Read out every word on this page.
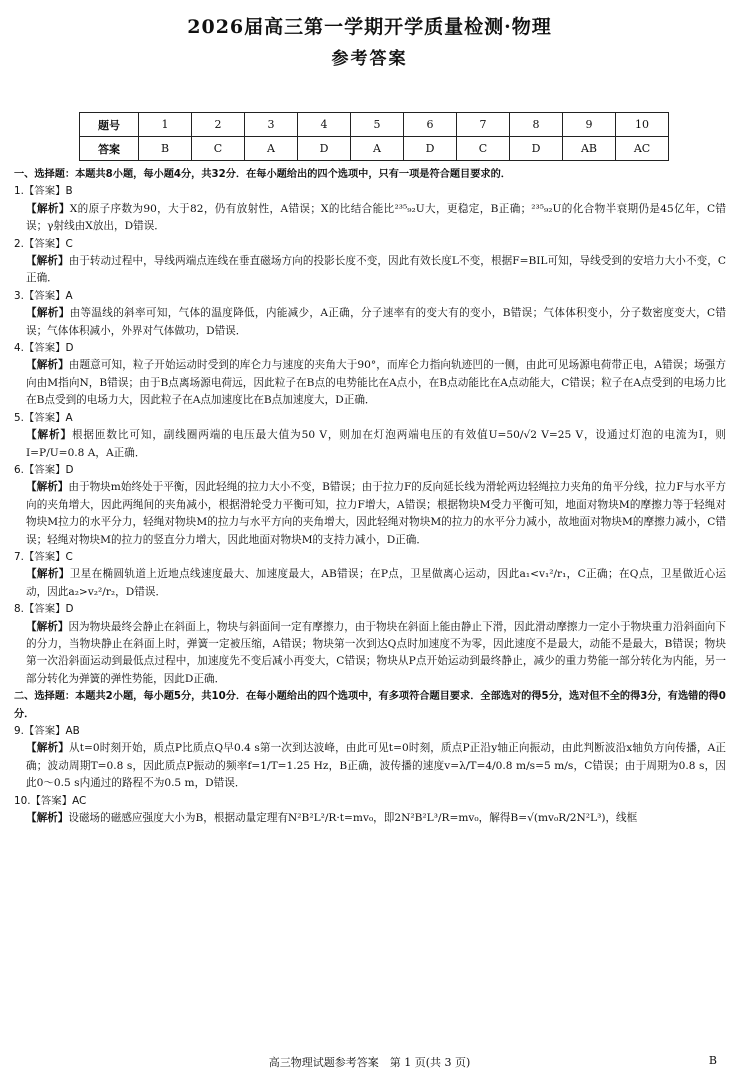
2026届高三第一学期开学质量检测·物理
参考答案
题号	1	2	3	4	5	6	7	8	9	10
答案	B	C	A	D	A	D	C	D	AB	AC
一、选择题：本题共8小题，每小题4分，共32分．在每小题给出的四个选项中，只有一项是符合题目要求的．
1.【答案】B
【解析】X的原子序数为90，大于82，仍有放射性，A错误；X的比结合能比²³⁵₉₂U大，更稳定，B正确；²³⁵₉₂U的化合物半衰期仍是45亿年，C错误；γ射线由X放出，D错误．
2.【答案】C
【解析】由于转动过程中，导线两端点连线在垂直磁场方向的投影长度不变，因此有效长度L不变，根据F=BIL可知，导线受到的安培力大小不变，C正确．
3.【答案】A
【解析】由等温线的斜率可知，气体的温度降低，内能减少，A正确，分子速率有的变大有的变小，B错误；气体体积变小，分子数密度变大，C错误；气体体积减小，外界对气体做功，D错误．
4.【答案】D
【解析】由题意可知，粒子开始运动时受到的库仑力与速度的夹角大于90°，而库仑力指向轨迹凹的一侧，由此可见场源电荷带正电，A错误；场强方向由M指向N，B错误；由于B点离场源电荷远，因此粒子在B点的电势能比在A点小，在B点动能比在A点动能大，C错误；粒子在A点受到的电场力比在B点受到的电场力大，因此粒子在A点加速度比在B点加速度大，D正确．
5.【答案】A
【解析】根据匝数比可知，副线圈两端的电压最大值为50 V，则加在灯泡两端电压的有效值U=50/√2 V=25 V，设通过灯泡的电流为I，则I=P/U=0.8 A，A正确．
6.【答案】D
【解析】由于物块m始终处于平衡，因此轻绳的拉力大小不变，B错误；由于拉力F的反向延长线为滑轮两边轻绳拉力夹角的角平分线，拉力F与水平方向的夹角增大，因此两绳间的夹角减小，根据滑轮受力平衡可知，拉力F增大，A错误；根据物块M受力平衡可知，地面对物块M的摩擦力等于轻绳对物块M拉力的水平分力，轻绳对物块M的拉力与水平方向的夹角增大，因此轻绳对物块M的拉力的水平分力减小，故地面对物块M的摩擦力减小，C错误；轻绳对物块M的拉力的竖直分力增大，因此地面对物块M的支持力减小，D正确．
7.【答案】C
【解析】卫星在椭圆轨道上近地点线速度最大、加速度最大，AB错误；在P点，卫星做离心运动，因此a₁<v₁²/r₁，C正确；在Q点，卫星做近心运动，因此a₂>v₂²/r₂，D错误．
8.【答案】D
【解析】因为物块最终会静止在斜面上，物块与斜面间一定有摩擦力，由于物块在斜面上能由静止下滑，因此滑动摩擦力一定小于物块重力沿斜面向下的分力，当物块静止在斜面上时，弹簧一定被压缩，A错误；物块第一次到达Q点时加速度不为零，因此速度不是最大，动能不是最大，B错误；物块第一次沿斜面运动到最低点过程中，加速度先不变后减小再变大，C错误；物块从P点开始运动到最终静止，减少的重力势能一部分转化为内能，另一部分转化为弹簧的弹性势能，因此D正确．
二、选择题：本题共2小题，每小题5分，共10分．在每小题给出的四个选项中，有多项符合题目要求．全部选对的得5分，选对但不全的得3分，有选错的得0分．
9.【答案】AB
【解析】从t=0时刻开始，质点P比质点Q早0.4 s第一次到达波峰，由此可见t=0时刻，质点P正沿y轴正向振动，由此判断波沿x轴负方向传播，A正确；波动周期T=0.8 s，因此质点P振动的频率f=1/T=1.25 Hz，B正确，波传播的速度v=λ/T=4/0.8 m/s=5 m/s，C错误；由于周期为0.8 s，因此0～0.5 s内通过的路程不为0.5 m，D错误．
10.【答案】AC
【解析】设磁场的磁感应强度大小为B，根据动量定理有N²B²L²/R·t=mv₀，即2N²B²L³/R=mv₀，解得B=√(mv₀R/2N²L³)，线框
高三物理试题参考答案　第 1 页(共 3 页)	B
